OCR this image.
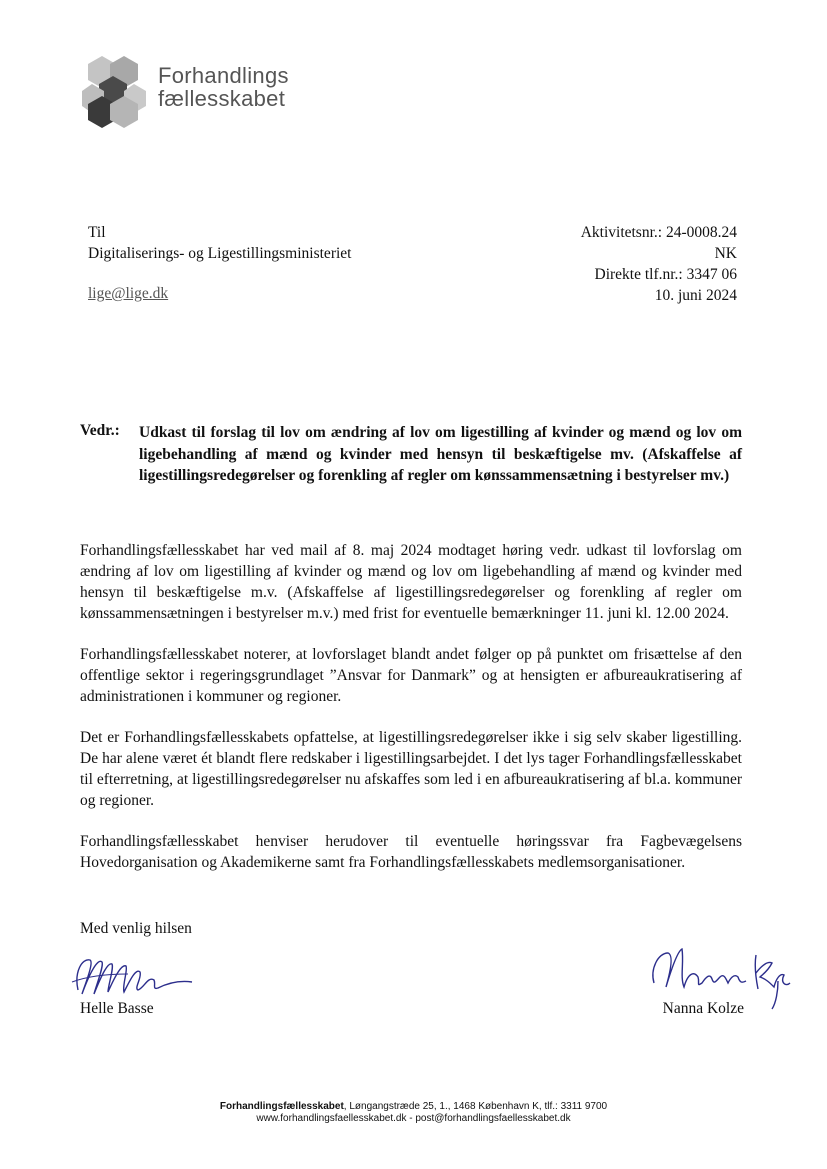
Forhandlings
fællesskabet
Til
Digitaliserings- og Ligestillingsministeriet
lige@lige.dk
Aktivitetsnr.: 24-0008.24
NK
Direkte tlf.nr.: 3347 06
10. juni 2024
Vedr.: Udkast til forslag til lov om ændring af lov om ligestilling af kvinder og mænd og lov om ligebehandling af mænd og kvinder med hensyn til beskæftigelse mv. (Afskaffelse af ligestillingsredegørelser og forenkling af regler om kønssammensætning i bestyrelser mv.)

Forhandlingsfællesskabet har ved mail af 8. maj 2024 modtaget høring vedr. udkast til lovforslag om ændring af lov om ligestilling af kvinder og mænd og lov om ligebehandling af mænd og kvinder med hensyn til beskæftigelse m.v. (Afskaffelse af ligestillingsredegørelser og forenkling af regler om kønssammensætningen i bestyrelser m.v.) med frist for eventuelle bemærkninger 11. juni kl. 12.00 2024.

Forhandlingsfællesskabet noterer, at lovforslaget blandt andet følger op på punktet om frisættelse af den offentlige sektor i regeringsgrundlaget ”Ansvar for Danmark” og at hensigten er afbureaukratisering af administrationen i kommuner og regioner.

Det er Forhandlingsfællesskabets opfattelse, at ligestillingsredegørelser ikke i sig selv skaber ligestilling. De har alene været ét blandt flere redskaber i ligestillingsarbejdet. I det lys tager Forhandlingsfællesskabet til efterretning, at ligestillingsredegørelser nu afskaffes som led i en afbureaukratisering af bl.a. kommuner og regioner.

Forhandlingsfællesskabet henviser herudover til eventuelle høringssvar fra Fagbevægelsens Hovedorganisation og Akademikerne samt fra Forhandlingsfællesskabets medlemsorganisationer.

Med venlig hilsen
Helle Basse	Nanna Kolze
Forhandlingsfællesskabet, Løngangstræde 25, 1., 1468 København K, tlf.: 3311 9700
www.forhandlingsfaellesskabet.dk - post@forhandlingsfaellesskabet.dk
